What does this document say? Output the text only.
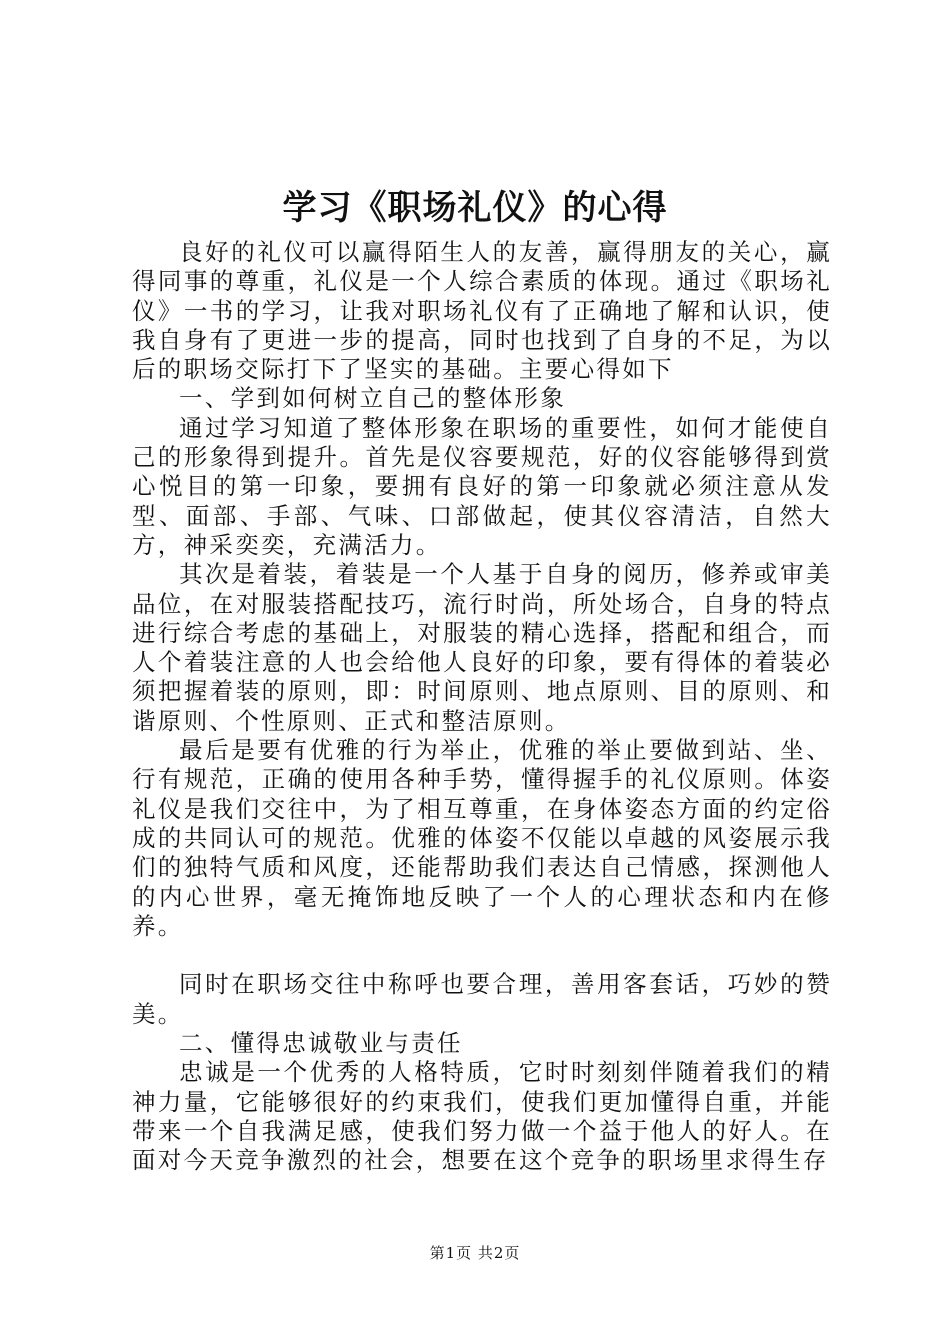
学习《职场礼仪》的心得

良好的礼仪可以赢得陌生人的友善，赢得朋友的关心，赢得同事的尊重，礼仪是一个人综合素质的体现。通过《职场礼仪》一书的学习，让我对职场礼仪有了正确地了解和认识，使我自身有了更进一步的提高，同时也找到了自身的不足，为以后的职场交际打下了坚实的基础。主要心得如下

一、学到如何树立自己的整体形象

通过学习知道了整体形象在职场的重要性，如何才能使自己的形象得到提升。首先是仪容要规范，好的仪容能够得到赏心悦目的第一印象，要拥有良好的第一印象就必须注意从发型、面部、手部、气味、口部做起，使其仪容清洁，自然大方，神采奕奕，充满活力。

其次是着装，着装是一个人基于自身的阅历，修养或审美品位，在对服装搭配技巧，流行时尚，所处场合，自身的特点进行综合考虑的基础上，对服装的精心选择，搭配和组合，而人个着装注意的人也会给他人良好的印象，要有得体的着装必须把握着装的原则，即：时间原则、地点原则、目的原则、和谐原则、个性原则、正式和整洁原则。

最后是要有优雅的行为举止，优雅的举止要做到站、坐、行有规范，正确的使用各种手势，懂得握手的礼仪原则。体姿礼仪是我们交往中，为了相互尊重，在身体姿态方面的约定俗成的共同认可的规范。优雅的体姿不仅能以卓越的风姿展示我们的独特气质和风度，还能帮助我们表达自己情感，探测他人的内心世界，毫无掩饰地反映了一个人的心理状态和内在修养。

同时在职场交往中称呼也要合理，善用客套话，巧妙的赞美。

二、懂得忠诚敬业与责任

忠诚是一个优秀的人格特质，它时时刻刻伴随着我们的精神力量，它能够很好的约束我们，使我们更加懂得自重，并能带来一个自我满足感，使我们努力做一个益于他人的好人。在面对今天竞争激烈的社会，想要在这个竞争的职场里求得生存

第1页 共2页
